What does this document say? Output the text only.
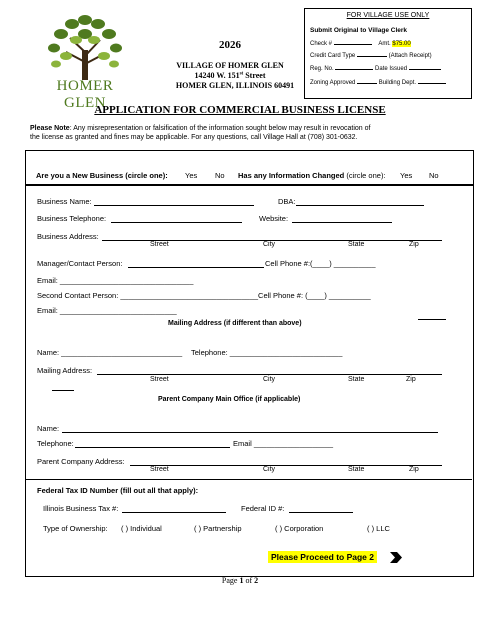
HOMER GLEN
2026
VILLAGE OF HOMER GLEN
14240 W. 151st Street
HOMER GLEN, ILLINOIS 60491
FOR VILLAGE USE ONLY
Submit Original to Village Clerk
Check #	Amt. $75.00
Credit Card Type	(Attach Receipt)
Reg. No.	Date Issued
Zoning Approved	Building Dept.
APPLICATION FOR COMMERCIAL BUSINESS LICENSE
Please Note: Any misrepresentation or falsification of the information sought below may result in revocation of
the license as granted and fines may be applicable. For any questions, call Village Hall at (708) 301-0632.
Are you a New Business (circle one): Yes No Has any Information Changed (circle one): Yes No
Business Name:	DBA:
Business Telephone:	Website:
Business Address:
Street	City	State	Zip
Manager/Contact Person:	Cell Phone #:(____) __________
Email: ________________________________
Second Contact Person: _________________________________Cell Phone #: (____) __________
Email: ____________________________
Mailing Address (if different than above)
Name: _____________________________ Telephone: ___________________________
Mailing Address:
Street	City	State	Zip
Parent Company Main Office (if applicable)
Name:
Telephone:	Email ___________________
Parent Company Address:
Street	City	State	Zip
Federal Tax ID Number (fill out all that apply):
Illinois Business Tax #:	Federal ID #:
Type of Ownership: ( ) Individual	( ) Partnership	( ) Corporation	( ) LLC
Please Proceed to Page 2
Page 1 of 2
